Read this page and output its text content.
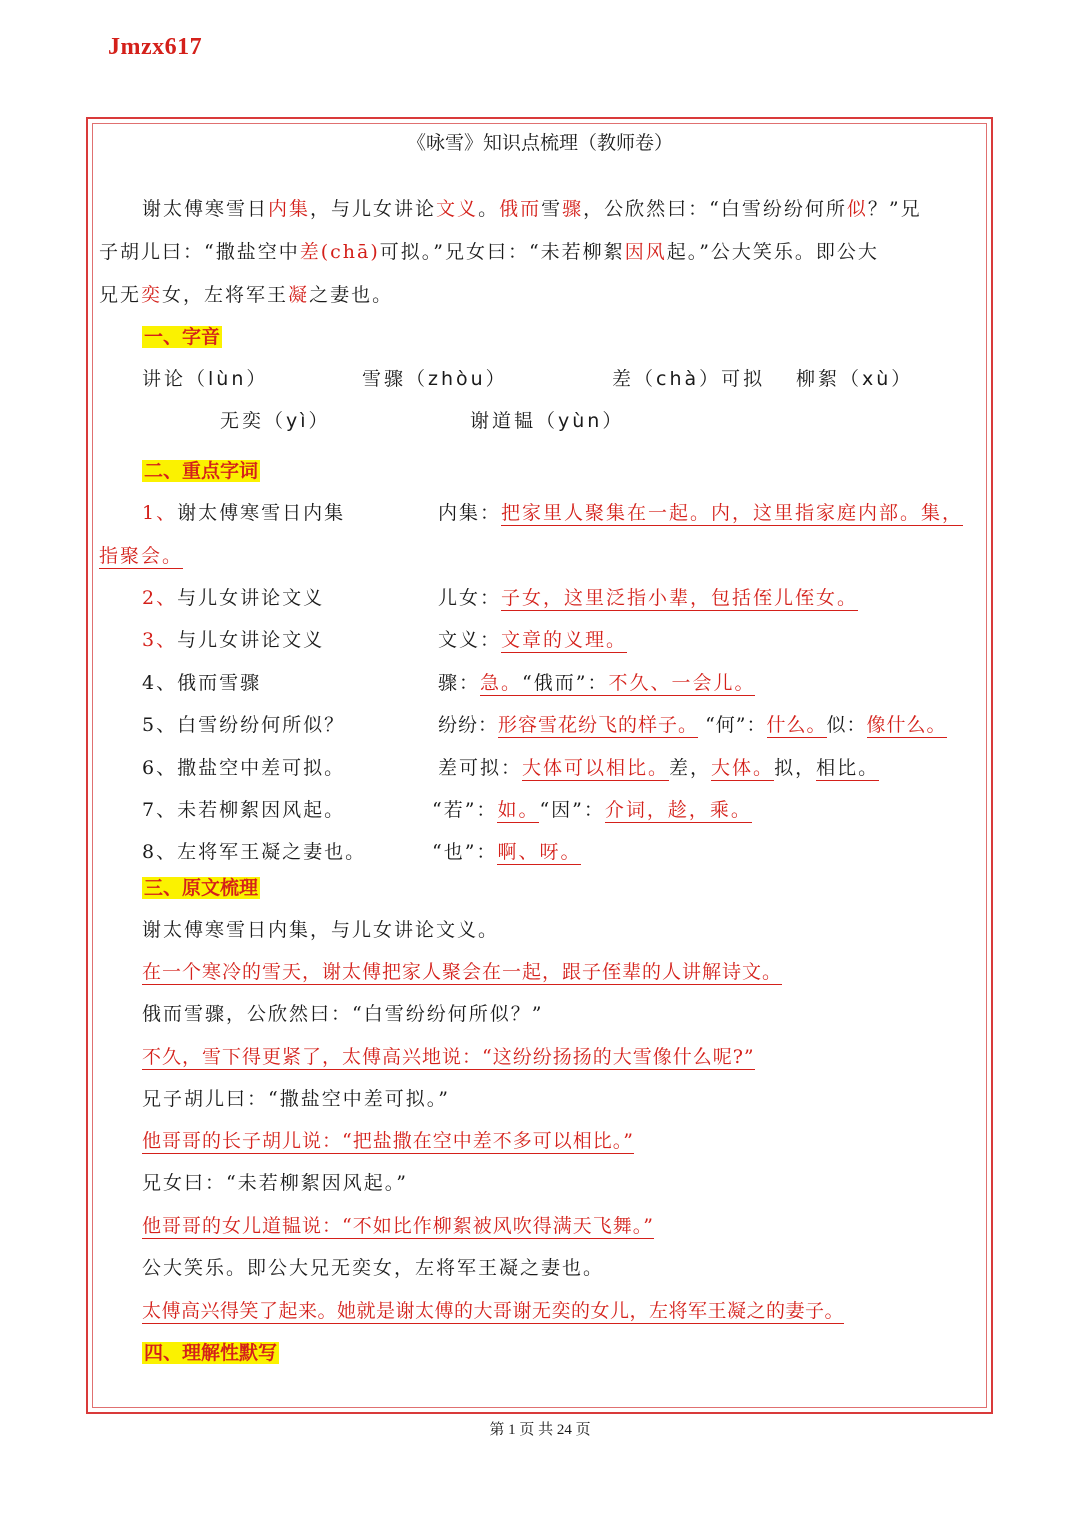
Jmzx617
《咏雪》知识点梳理（教师卷）
谢太傅寒雪日内集，与儿女讲论文义。俄而雪骤，公欣然曰：“白雪纷纷何所似？”兄
子胡儿曰：“撒盐空中差(chā)可拟。”兄女曰：“未若柳絮因风起。”公大笑乐。即公大
兄无奕女，左将军王凝之妻也。
一、字音
讲论（lùn）	雪骤（zhòu）	差（chà）可拟 柳絮（xù）
无奕（yì）	谢道韫（yùn）
二、重点字词
1、谢太傅寒雪日内集	内集：把家里人聚集在一起。内，这里指家庭内部。集，
指聚会。
2、与儿女讲论文义	儿女：子女，这里泛指小辈，包括侄儿侄女。
3、与儿女讲论文义	文义：文章的义理。
4、俄而雪骤	骤：急。“俄而”：不久、一会儿。
5、白雪纷纷何所似？	纷纷：形容雪花纷飞的样子。 “何”：什么。似：像什么。
6、撒盐空中差可拟。	差可拟：大体可以相比。差，大体。拟，相比。
7、未若柳絮因风起。	“若”：如。“因”：介词，趁，乘。
8、左将军王凝之妻也。	“也”：啊、呀。
三、原文梳理
谢太傅寒雪日内集，与儿女讲论文义。
在一个寒冷的雪天，谢太傅把家人聚会在一起，跟子侄辈的人讲解诗文。
俄而雪骤，公欣然曰：“白雪纷纷何所似？”
不久，雪下得更紧了，太傅高兴地说：“这纷纷扬扬的大雪像什么呢?”
兄子胡儿曰：“撒盐空中差可拟。”
他哥哥的长子胡儿说：“把盐撒在空中差不多可以相比。”
兄女曰：“未若柳絮因风起。”
他哥哥的女儿道韫说：“不如比作柳絮被风吹得满天飞舞。”
公大笑乐。即公大兄无奕女，左将军王凝之妻也。
太傅高兴得笑了起来。她就是谢太傅的大哥谢无奕的女儿，左将军王凝之的妻子。
四、理解性默写
第 1 页 共 24 页
